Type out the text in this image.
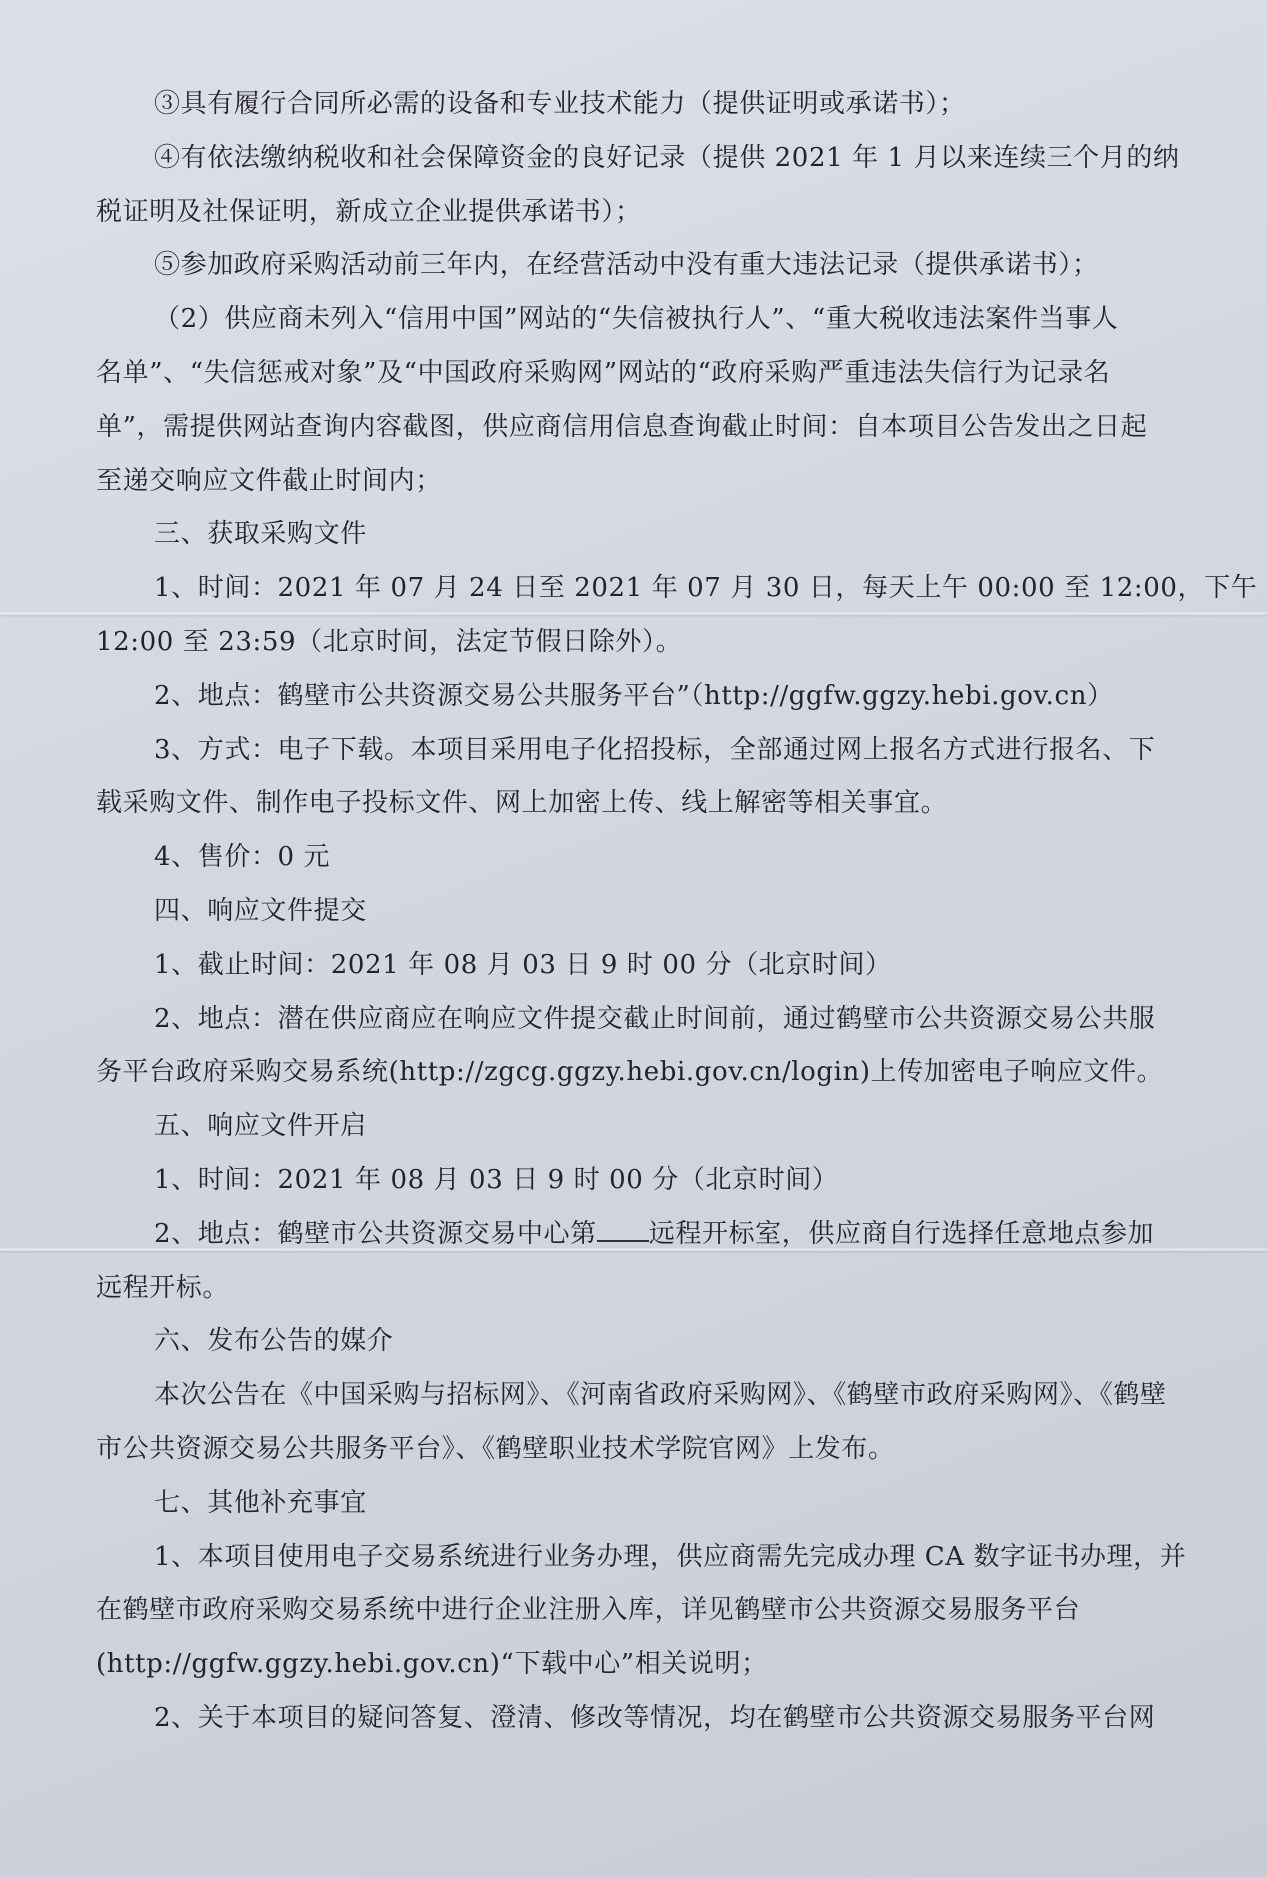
③具有履行合同所必需的设备和专业技术能力（提供证明或承诺书）；
④有依法缴纳税收和社会保障资金的良好记录（提供 2021 年 1 月以来连续三个月的纳
税证明及社保证明，新成立企业提供承诺书）；
⑤参加政府采购活动前三年内，在经营活动中没有重大违法记录（提供承诺书）；
（2）供应商未列入“信用中国”网站的“失信被执行人”、“重大税收违法案件当事人
名单”、“失信惩戒对象”及“中国政府采购网”网站的“政府采购严重违法失信行为记录名
单”，需提供网站查询内容截图，供应商信用信息查询截止时间：自本项目公告发出之日起
至递交响应文件截止时间内；
三、获取采购文件
1、时间：2021 年 07 月 24 日至 2021 年 07 月 30 日，每天上午 00:00 至 12:00，下午
12:00 至 23:59（北京时间，法定节假日除外）。
2、地点：鹤壁市公共资源交易公共服务平台”（http://ggfw.ggzy.hebi.gov.cn）
3、方式：电子下载。本项目采用电子化招投标，全部通过网上报名方式进行报名、下
载采购文件、制作电子投标文件、网上加密上传、线上解密等相关事宜。
4、售价：0 元
四、响应文件提交
1、截止时间：2021 年 08 月 03 日 9 时 00 分（北京时间）
2、地点：潜在供应商应在响应文件提交截止时间前，通过鹤壁市公共资源交易公共服
务平台政府采购交易系统(http://zgcg.ggzy.hebi.gov.cn/login)上传加密电子响应文件。
五、响应文件开启
1、时间：2021 年 08 月 03 日 9 时 00 分（北京时间）
2、地点：鹤壁市公共资源交易中心第 远程开标室，供应商自行选择任意地点参加
远程开标。
六、发布公告的媒介
本次公告在《中国采购与招标网》、《河南省政府采购网》、《鹤壁市政府采购网》、《鹤壁
市公共资源交易公共服务平台》、《鹤壁职业技术学院官网》上发布。
七、其他补充事宜
1、本项目使用电子交易系统进行业务办理，供应商需先完成办理 CA 数字证书办理，并
在鹤壁市政府采购交易系统中进行企业注册入库，详见鹤壁市公共资源交易服务平台
(http://ggfw.ggzy.hebi.gov.cn)“下载中心”相关说明；
2、关于本项目的疑问答复、澄清、修改等情况，均在鹤壁市公共资源交易服务平台网
